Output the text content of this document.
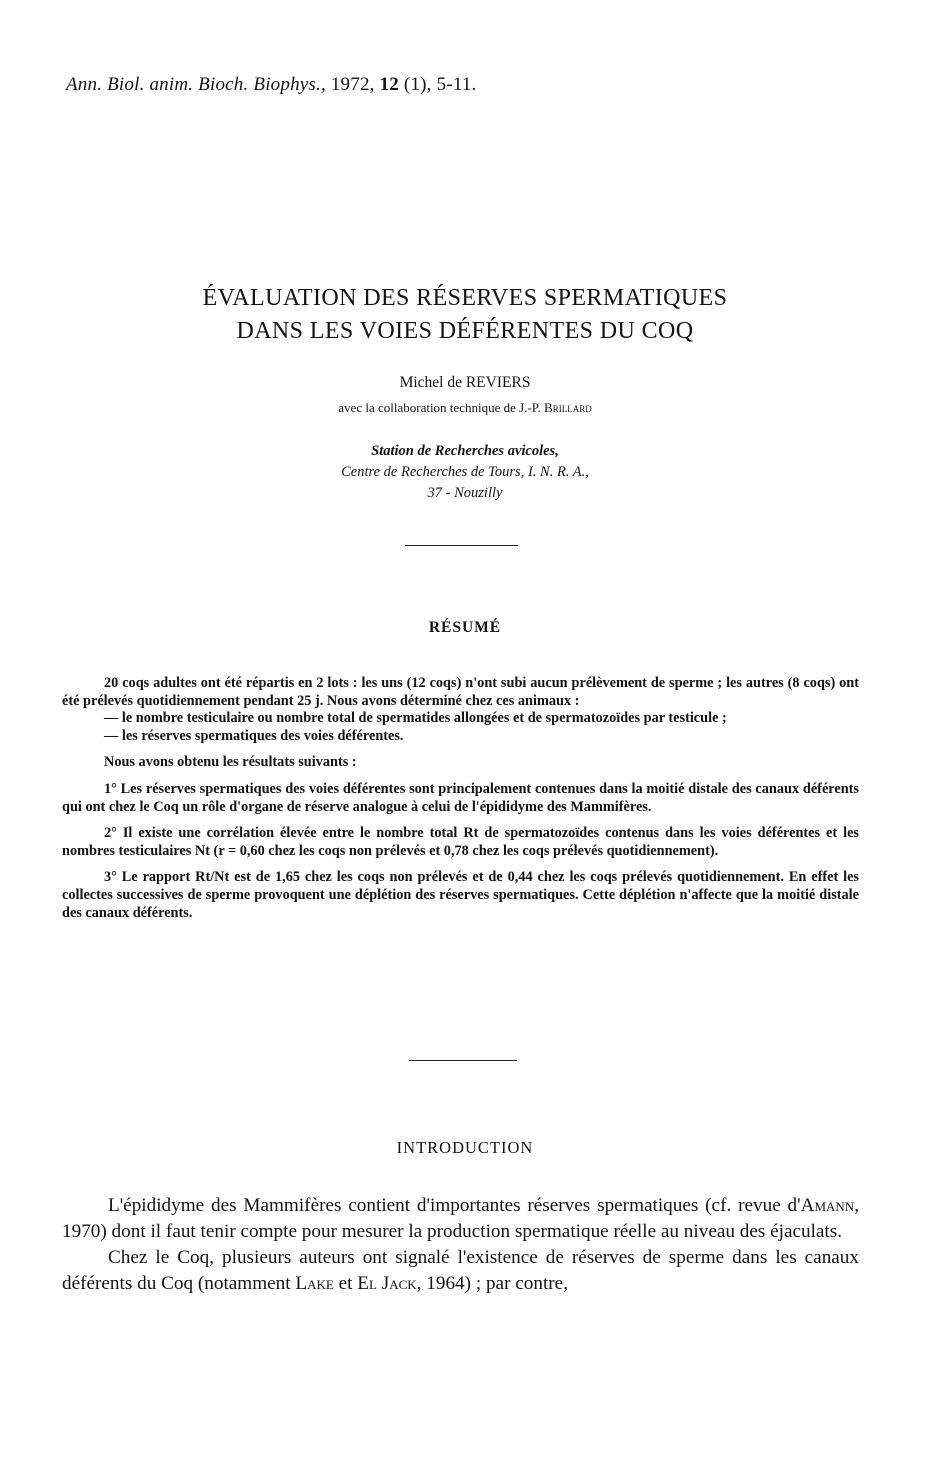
Ann. Biol. anim. Bioch. Biophys., 1972, 12 (1), 5-11.
ÉVALUATION DES RÉSERVES SPERMATIQUES
DANS LES VOIES DÉFÉRENTES DU COQ
Michel de REVIERS
avec la collaboration technique de J.-P. Brillard
Station de Recherches avicoles,
Centre de Recherches de Tours, I. N. R. A.,
37 - Nouzilly
RÉSUMÉ

20 coqs adultes ont été répartis en 2 lots : les uns (12 coqs) n'ont subi aucun prélèvement de sperme ; les autres (8 coqs) ont été prélevés quotidiennement pendant 25 j. Nous avons déterminé chez ces animaux :

— le nombre testiculaire ou nombre total de spermatides allongées et de spermatozoïdes par testicule ;

— les réserves spermatiques des voies déférentes.

Nous avons obtenu les résultats suivants :

1° Les réserves spermatiques des voies déférentes sont principalement contenues dans la moitié distale des canaux déférents qui ont chez le Coq un rôle d'organe de réserve analogue à celui de l'épididyme des Mammifères.

2° Il existe une corrélation élevée entre le nombre total Rt de spermatozoïdes contenus dans les voies déférentes et les nombres testiculaires Nt (r = 0,60 chez les coqs non prélevés et 0,78 chez les coqs prélevés quotidiennement).

3° Le rapport Rt/Nt est de 1,65 chez les coqs non prélevés et de 0,44 chez les coqs prélevés quotidiennement. En effet les collectes successives de sperme provoquent une déplétion des réserves spermatiques. Cette déplétion n'affecte que la moitié distale des canaux déférents.

INTRODUCTION

L'épididyme des Mammifères contient d'importantes réserves spermatiques (cf. revue d'Amann, 1970) dont il faut tenir compte pour mesurer la production spermatique réelle au niveau des éjaculats.

Chez le Coq, plusieurs auteurs ont signalé l'existence de réserves de sperme dans les canaux déférents du Coq (notamment Lake et El Jack, 1964) ; par contre,
